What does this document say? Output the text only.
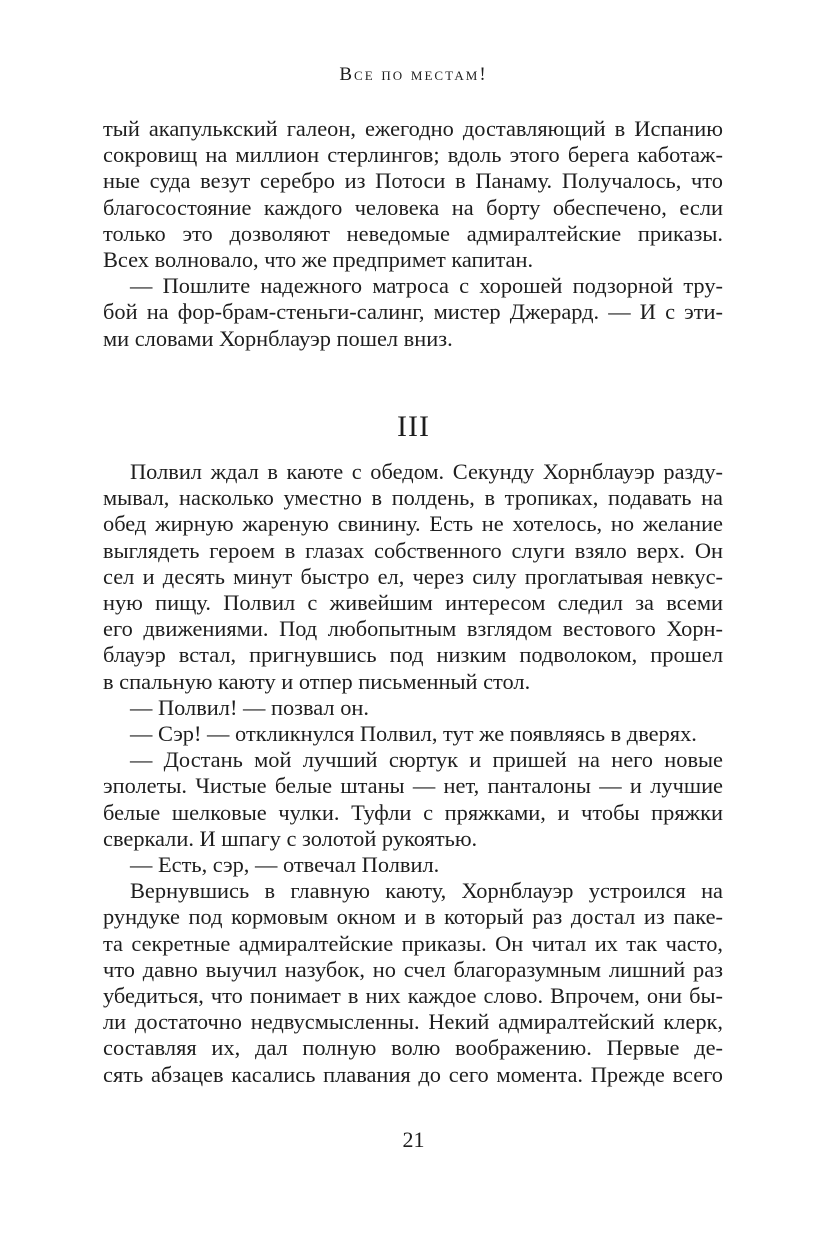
Все по местам!

тый акапулькский галеон, ежегодно доставляющий в Испанию

сокровищ на миллион стерлингов; вдоль этого берега каботаж-

ные суда везут серебро из Потоси в Панаму. Получалось, что

благосостояние каждого человека на борту обеспечено, если

только это дозволяют неведомые адмиралтейские приказы.

Всех волновало, что же предпримет капитан.

— Пошлите надежного матроса с хорошей подзорной тру-

бой на фор-брам-стеньги-салинг, мистер Джерард. — И с эти-

ми словами Хорнблауэр пошел вниз.

III

Полвил ждал в каюте с обедом. Секунду Хорнблауэр разду-

мывал, насколько уместно в полдень, в тропиках, подавать на

обед жирную жареную свинину. Есть не хотелось, но желание

выглядеть героем в глазах собственного слуги взяло верх. Он

сел и десять минут быстро ел, через силу проглатывая невкус-

ную пищу. Полвил с живейшим интересом следил за всеми

его движениями. Под любопытным взглядом вестового Хорн-

блауэр встал, пригнувшись под низким подволоком, прошел

в спальную каюту и отпер письменный стол.

— Полвил! — позвал он.

— Сэр! — откликнулся Полвил, тут же появляясь в дверях.

— Достань мой лучший сюртук и пришей на него новые

эполеты. Чистые белые штаны — нет, панталоны — и лучшие

белые шелковые чулки. Туфли с пряжками, и чтобы пряжки

сверкали. И шпагу с золотой рукоятью.

— Есть, сэр, — отвечал Полвил.

Вернувшись в главную каюту, Хорнблауэр устроился на

рундуке под кормовым окном и в который раз достал из паке-

та секретные адмиралтейские приказы. Он читал их так часто,

что давно выучил назубок, но счел благоразумным лишний раз

убедиться, что понимает в них каждое слово. Впрочем, они бы-

ли достаточно недвусмысленны. Некий адмиралтейский клерк,

составляя их, дал полную волю воображению. Первые де-

сять абзацев касались плавания до сего момента. Прежде всего

21
